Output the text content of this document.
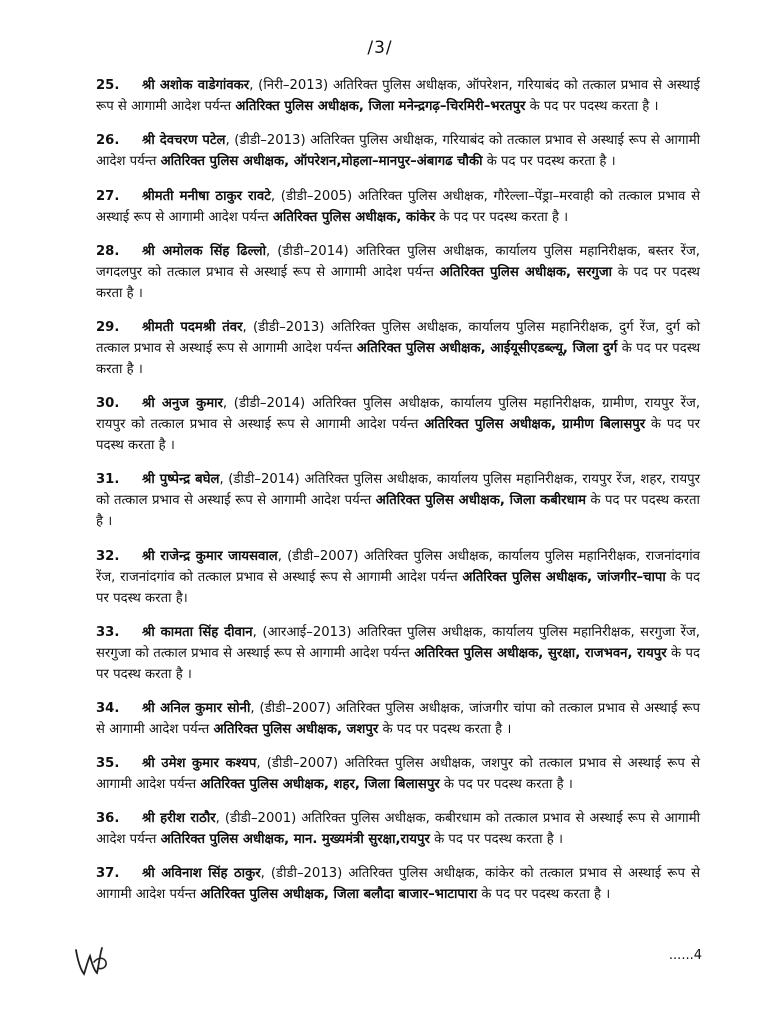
/3/

25. श्री अशोक वाडेगांवकर, (निरी–2013) अतिरिक्त पुलिस अधीक्षक, ऑपरेशन, गरियाबंद को तत्काल प्रभाव से अस्थाई रूप से आगामी आदेश पर्यन्त अतिरिक्त पुलिस अधीक्षक, जिला मनेन्द्रगढ़–चिरमिरी–भरतपुर के पद पर पदस्थ करता है ।

26. श्री देवचरण पटेल, (डीडी–2013) अतिरिक्त पुलिस अधीक्षक, गरियाबंद को तत्काल प्रभाव से अस्थाई रूप से आगामी आदेश पर्यन्त अतिरिक्त पुलिस अधीक्षक, ऑपरेशन,मोहला–मानपुर–अंबागढ चौकी के पद पर पदस्थ करता है ।

27. श्रीमती मनीषा ठाकुर रावटे, (डीडी–2005) अतिरिक्त पुलिस अधीक्षक, गौरेल्ला–पेंड्रा–मरवाही को तत्काल प्रभाव से अस्थाई रूप से आगामी आदेश पर्यन्त अतिरिक्त पुलिस अधीक्षक, कांकेर के पद पर पदस्थ करता है ।

28. श्री अमोलक सिंह ढिल्लो, (डीडी–2014) अतिरिक्त पुलिस अधीक्षक, कार्यालय पुलिस महानिरीक्षक, बस्तर रेंज, जगदलपुर को तत्काल प्रभाव से अस्थाई रूप से आगामी आदेश पर्यन्त अतिरिक्त पुलिस अधीक्षक, सरगुजा के पद पर पदस्थ करता है ।

29. श्रीमती पदमश्री तंवर, (डीडी–2013) अतिरिक्त पुलिस अधीक्षक, कार्यालय पुलिस महानिरीक्षक, दुर्ग रेंज, दुर्ग को तत्काल प्रभाव से अस्थाई रूप से आगामी आदेश पर्यन्त अतिरिक्त पुलिस अधीक्षक, आईयूसीएडब्ल्यू, जिला दुर्ग के पद पर पदस्थ करता है ।

30. श्री अनुज कुमार, (डीडी–2014) अतिरिक्त पुलिस अधीक्षक, कार्यालय पुलिस महानिरीक्षक, ग्रामीण, रायपुर रेंज, रायपुर को तत्काल प्रभाव से अस्थाई रूप से आगामी आदेश पर्यन्त अतिरिक्त पुलिस अधीक्षक, ग्रामीण बिलासपुर के पद पर पदस्थ करता है ।

31. श्री पुष्पेन्द्र बघेल, (डीडी–2014) अतिरिक्त पुलिस अधीक्षक, कार्यालय पुलिस महानिरीक्षक, रायपुर रेंज, शहर, रायपुर को तत्काल प्रभाव से अस्थाई रूप से आगामी आदेश पर्यन्त अतिरिक्त पुलिस अधीक्षक, जिला कबीरधाम के पद पर पदस्थ करता है ।

32. श्री राजेन्द्र कुमार जायसवाल, (डीडी–2007) अतिरिक्त पुलिस अधीक्षक, कार्यालय पुलिस महानिरीक्षक, राजनांदगांव रेंज, राजनांदगांव को तत्काल प्रभाव से अस्थाई रूप से आगामी आदेश पर्यन्त अतिरिक्त पुलिस अधीक्षक, जांजगीर–चापा के पद पर पदस्थ करता है।

33. श्री कामता सिंह दीवान, (आरआई–2013) अतिरिक्त पुलिस अधीक्षक, कार्यालय पुलिस महानिरीक्षक, सरगुजा रेंज, सरगुजा को तत्काल प्रभाव से अस्थाई रूप से आगामी आदेश पर्यन्त अतिरिक्त पुलिस अधीक्षक, सुरक्षा, राजभवन, रायपुर के पद पर पदस्थ करता है ।

34. श्री अनिल कुमार सोनी, (डीडी–2007) अतिरिक्त पुलिस अधीक्षक, जांजगीर चांपा को तत्काल प्रभाव से अस्थाई रूप से आगामी आदेश पर्यन्त अतिरिक्त पुलिस अधीक्षक, जशपुर के पद पर पदस्थ करता है ।

35. श्री उमेश कुमार कश्यप, (डीडी–2007) अतिरिक्त पुलिस अधीक्षक, जशपुर को तत्काल प्रभाव से अस्थाई रूप से आगामी आदेश पर्यन्त अतिरिक्त पुलिस अधीक्षक, शहर, जिला बिलासपुर के पद पर पदस्थ करता है ।

36. श्री हरीश राठौर, (डीडी–2001) अतिरिक्त पुलिस अधीक्षक, कबीरधाम को तत्काल प्रभाव से अस्थाई रूप से आगामी आदेश पर्यन्त अतिरिक्त पुलिस अधीक्षक, मान. मुख्यमंत्री सुरक्षा,रायपुर के पद पर पदस्थ करता है ।

37. श्री अविनाश सिंह ठाकुर, (डीडी–2013) अतिरिक्त पुलिस अधीक्षक, कांकेर को तत्काल प्रभाव से अस्थाई रूप से आगामी आदेश पर्यन्त अतिरिक्त पुलिस अधीक्षक, जिला बलौदा बाजार–भाटापारा के पद पर पदस्थ करता है ।

......4
